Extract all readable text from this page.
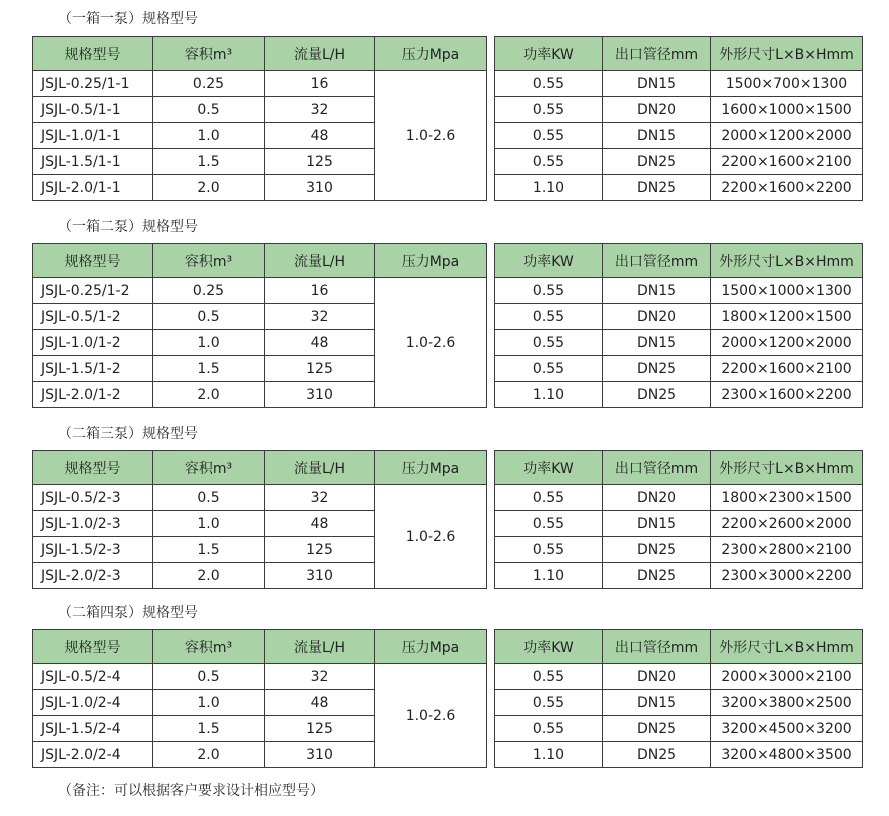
（一箱一泵）规格型号
规格型号	容积m³	流量L/H	压力Mpa		功率KW	出口管径mm	外形尺寸L×B×Hmm
JSJL-0.25/1-1	0.25	16	1.0-2.6		0.55	DN15	1500×700×1300
JSJL-0.5/1-1	0.5	32			0.55	DN20	1600×1000×1500
JSJL-1.0/1-1	1.0	48			0.55	DN15	2000×1200×2000
JSJL-1.5/1-1	1.5	125			0.55	DN25	2200×1600×2100
JSJL-2.0/1-1	2.0	310			1.10	DN25	2200×1600×2200
（一箱二泵）规格型号
规格型号	容积m³	流量L/H	压力Mpa		功率KW	出口管径mm	外形尺寸L×B×Hmm
JSJL-0.25/1-2	0.25	16	1.0-2.6		0.55	DN15	1500×1000×1300
JSJL-0.5/1-2	0.5	32			0.55	DN20	1800×1200×1500
JSJL-1.0/1-2	1.0	48			0.55	DN15	2000×1200×2000
JSJL-1.5/1-2	1.5	125			0.55	DN25	2200×1600×2100
JSJL-2.0/1-2	2.0	310			1.10	DN25	2300×1600×2200
（二箱三泵）规格型号
规格型号	容积m³	流量L/H	压力Mpa		功率KW	出口管径mm	外形尺寸L×B×Hmm
JSJL-0.5/2-3	0.5	32	1.0-2.6		0.55	DN20	1800×2300×1500
JSJL-1.0/2-3	1.0	48			0.55	DN15	2200×2600×2000
JSJL-1.5/2-3	1.5	125			0.55	DN25	2300×2800×2100
JSJL-2.0/2-3	2.0	310			1.10	DN25	2300×3000×2200
（二箱四泵）规格型号
规格型号	容积m³	流量L/H	压力Mpa		功率KW	出口管径mm	外形尺寸L×B×Hmm
JSJL-0.5/2-4	0.5	32	1.0-2.6		0.55	DN20	2000×3000×2100
JSJL-1.0/2-4	1.0	48			0.55	DN15	3200×3800×2500
JSJL-1.5/2-4	1.5	125			0.55	DN25	3200×4500×3200
JSJL-2.0/2-4	2.0	310			1.10	DN25	3200×4800×3500
（备注：可以根据客户要求设计相应型号）
